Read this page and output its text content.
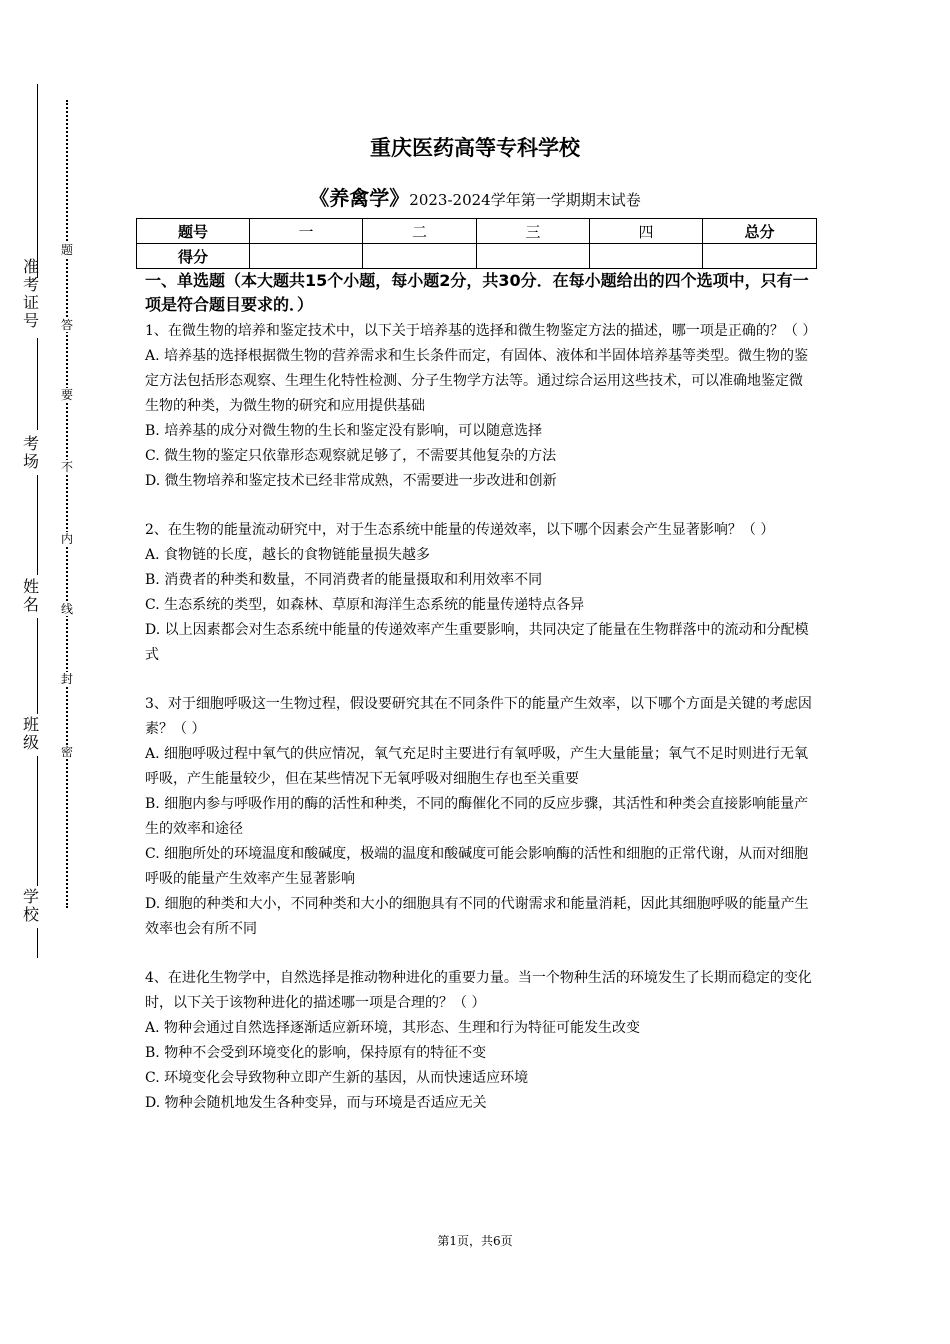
准考证号
考场
姓名
班级
学校
题
答
要
不
内
线
封
密
重庆医药高等专科学校
《养禽学》2023-2024学年第一学期期末试卷
题号	一	二	三	四	总分
得分					
一、单选题（本大题共15个小题，每小题2分，共30分．在每小题给出的四个选项中，只有一项是符合题目要求的．）

1、在微生物的培养和鉴定技术中，以下关于培养基的选择和微生物鉴定方法的描述，哪一项是正确的？（ ）

A. 培养基的选择根据微生物的营养需求和生长条件而定，有固体、液体和半固体培养基等类型。微生物的鉴定方法包括形态观察、生理生化特性检测、分子生物学方法等。通过综合运用这些技术，可以准确地鉴定微生物的种类，为微生物的研究和应用提供基础

B. 培养基的成分对微生物的生长和鉴定没有影响，可以随意选择

C. 微生物的鉴定只依靠形态观察就足够了，不需要其他复杂的方法

D. 微生物培养和鉴定技术已经非常成熟，不需要进一步改进和创新

2、在生物的能量流动研究中，对于生态系统中能量的传递效率，以下哪个因素会产生显著影响？（ ）

A. 食物链的长度，越长的食物链能量损失越多

B. 消费者的种类和数量，不同消费者的能量摄取和利用效率不同

C. 生态系统的类型，如森林、草原和海洋生态系统的能量传递特点各异

D. 以上因素都会对生态系统中能量的传递效率产生重要影响，共同决定了能量在生物群落中的流动和分配模式

3、对于细胞呼吸这一生物过程，假设要研究其在不同条件下的能量产生效率，以下哪个方面是关键的考虑因素？（ ）

A. 细胞呼吸过程中氧气的供应情况，氧气充足时主要进行有氧呼吸，产生大量能量；氧气不足时则进行无氧呼吸，产生能量较少，但在某些情况下无氧呼吸对细胞生存也至关重要

B. 细胞内参与呼吸作用的酶的活性和种类，不同的酶催化不同的反应步骤，其活性和种类会直接影响能量产生的效率和途径

C. 细胞所处的环境温度和酸碱度，极端的温度和酸碱度可能会影响酶的活性和细胞的正常代谢，从而对细胞呼吸的能量产生效率产生显著影响

D. 细胞的种类和大小，不同种类和大小的细胞具有不同的代谢需求和能量消耗，因此其细胞呼吸的能量产生效率也会有所不同

4、在进化生物学中，自然选择是推动物种进化的重要力量。当一个物种生活的环境发生了长期而稳定的变化时，以下关于该物种进化的描述哪一项是合理的？（ ）

A. 物种会通过自然选择逐渐适应新环境，其形态、生理和行为特征可能发生改变

B. 物种不会受到环境变化的影响，保持原有的特征不变

C. 环境变化会导致物种立即产生新的基因，从而快速适应环境

D. 物种会随机地发生各种变异，而与环境是否适应无关

第1页，共6页
